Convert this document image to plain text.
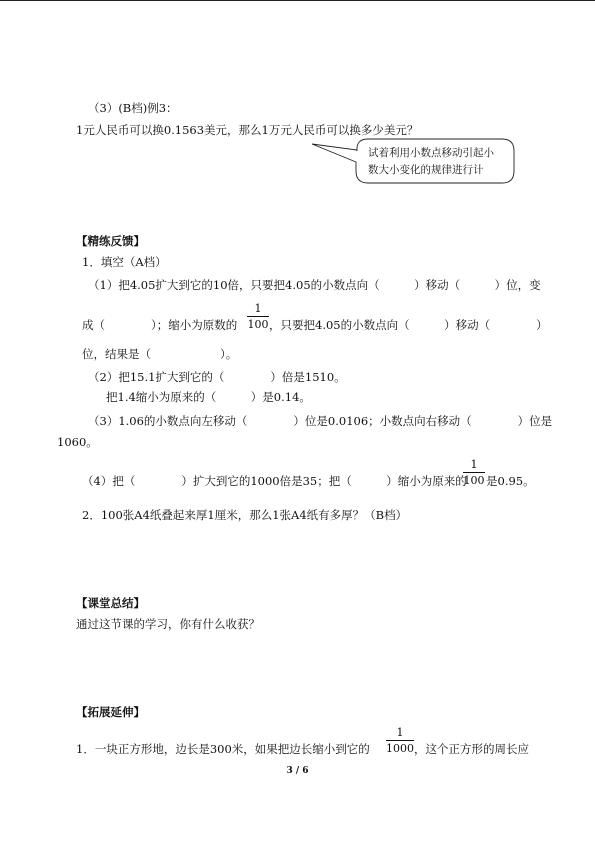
（3）(B档)例3：
1元人民币可以换0.1563美元，那么1万元人民币可以换多少美元？
试着利用小数点移动引起小
数大小变化的规律进行计
【精练反馈】
1．填空（A档）
（1）把4.05扩大到它的10倍，只要把4.05的小数点向（　　　）移动（　　　）位，变
成（　　　　）；缩小为原数的
1
100 ，只要把4.05的小数点向（　　　）移动（　　　　）
位，结果是（　　　　　　）。
（2）把15.1扩大到它的（　　　　）倍是1510。
把1.4缩小为原来的（　　　）是0.14。
（3）1.06的小数点向左移动（　　　　）位是0.0106；小数点向右移动（　　　　）位是
1060。
（4）把（　　　　）扩大到它的1000倍是35；把（　　　）缩小为原来的
1
100 是0.95。
2．100张A4纸叠起来厚1厘米，那么1张A4纸有多厚？（B档）
【课堂总结】
通过这节课的学习，你有什么收获？
【拓展延伸】
1．一块正方形地，边长是300米，如果把边长缩小到它的
1
1000 ，这个正方形的周长应
3 / 6
